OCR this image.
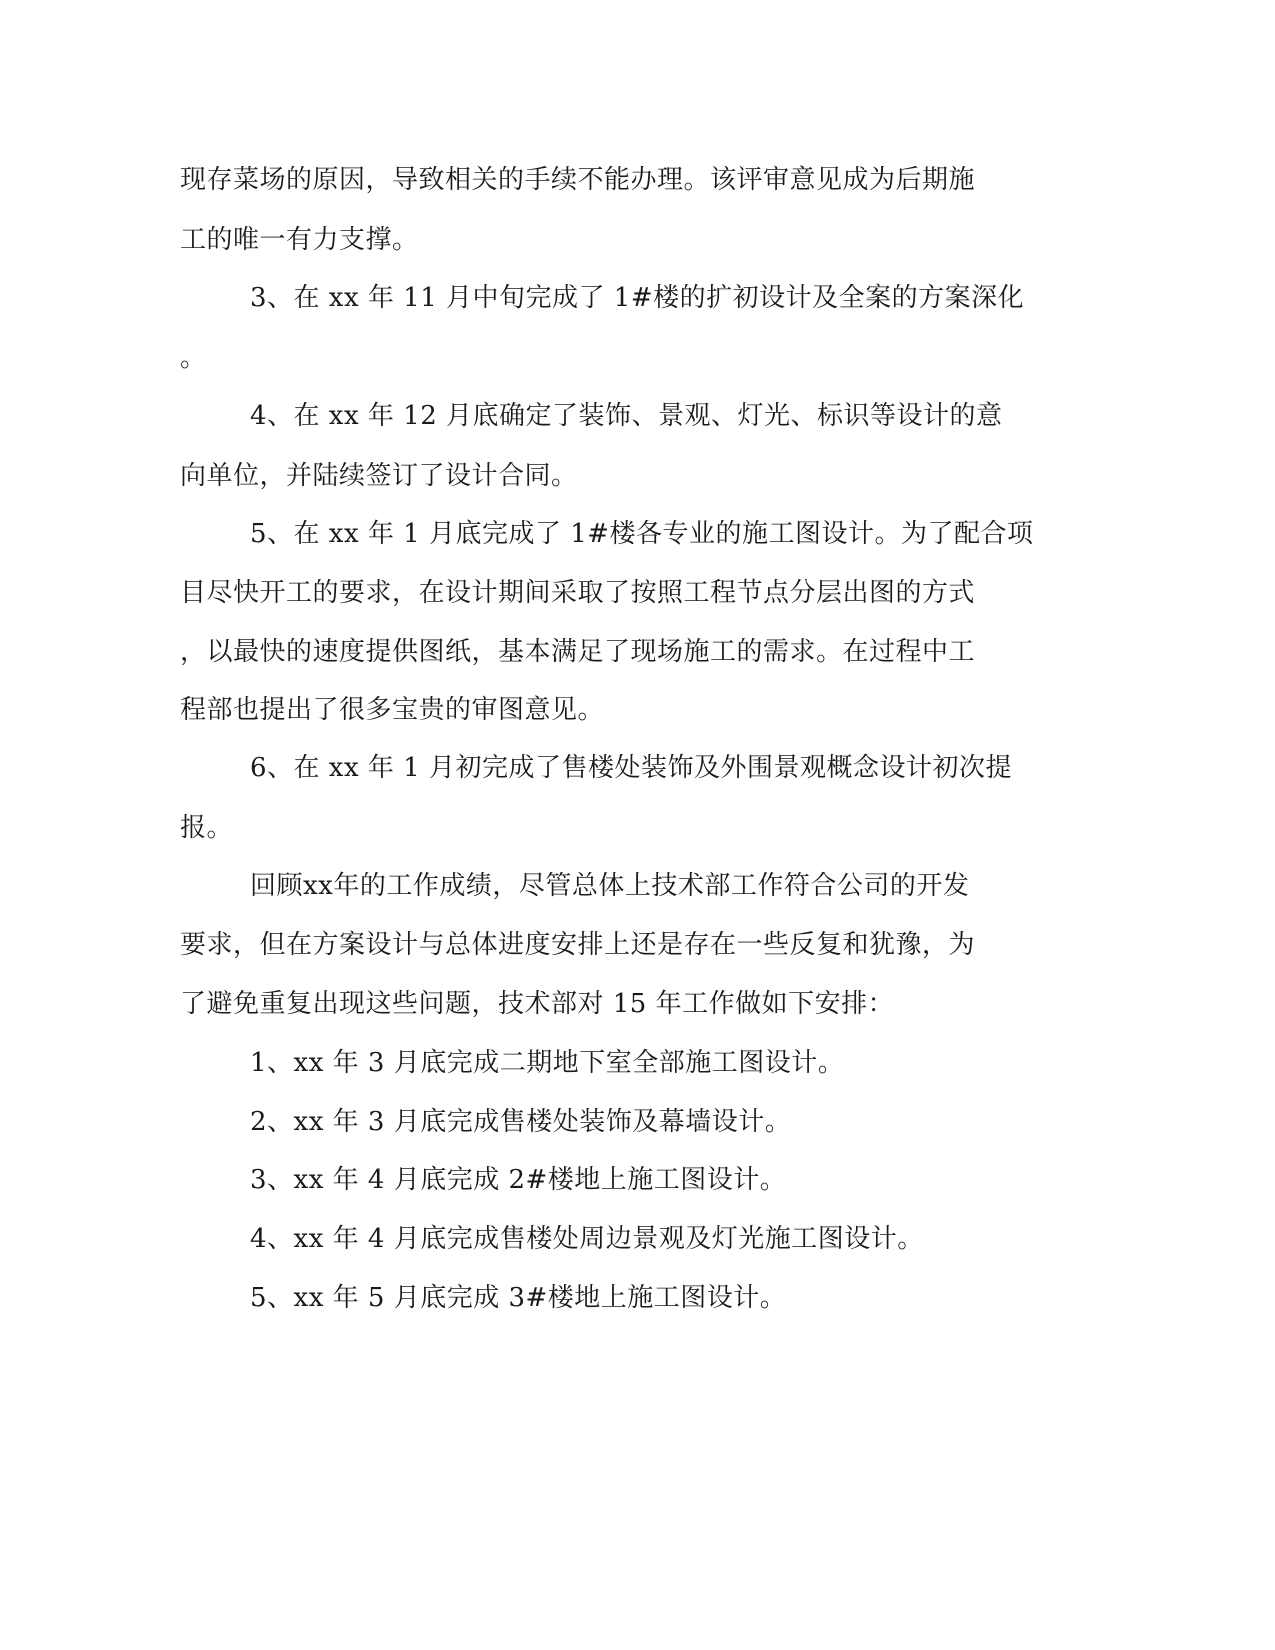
现存菜场的原因，导致相关的手续不能办理。该评审意见成为后期施
工的唯一有力支撑。
3、在 xx 年 11 月中旬完成了 1#楼的扩初设计及全案的方案深化
。
4、在 xx 年 12 月底确定了装饰、景观、灯光、标识等设计的意
向单位，并陆续签订了设计合同。
5、在 xx 年 1 月底完成了 1#楼各专业的施工图设计。为了配合项
目尽快开工的要求，在设计期间采取了按照工程节点分层出图的方式
，以最快的速度提供图纸，基本满足了现场施工的需求。在过程中工
程部也提出了很多宝贵的审图意见。
6、在 xx 年 1 月初完成了售楼处装饰及外围景观概念设计初次提
报。
回顾xx年的工作成绩，尽管总体上技术部工作符合公司的开发
要求，但在方案设计与总体进度安排上还是存在一些反复和犹豫，为
了避免重复出现这些问题，技术部对 15 年工作做如下安排：
1、xx 年 3 月底完成二期地下室全部施工图设计。
2、xx 年 3 月底完成售楼处装饰及幕墙设计。
3、xx 年 4 月底完成 2#楼地上施工图设计。
4、xx 年 4 月底完成售楼处周边景观及灯光施工图设计。
5、xx 年 5 月底完成 3#楼地上施工图设计。
